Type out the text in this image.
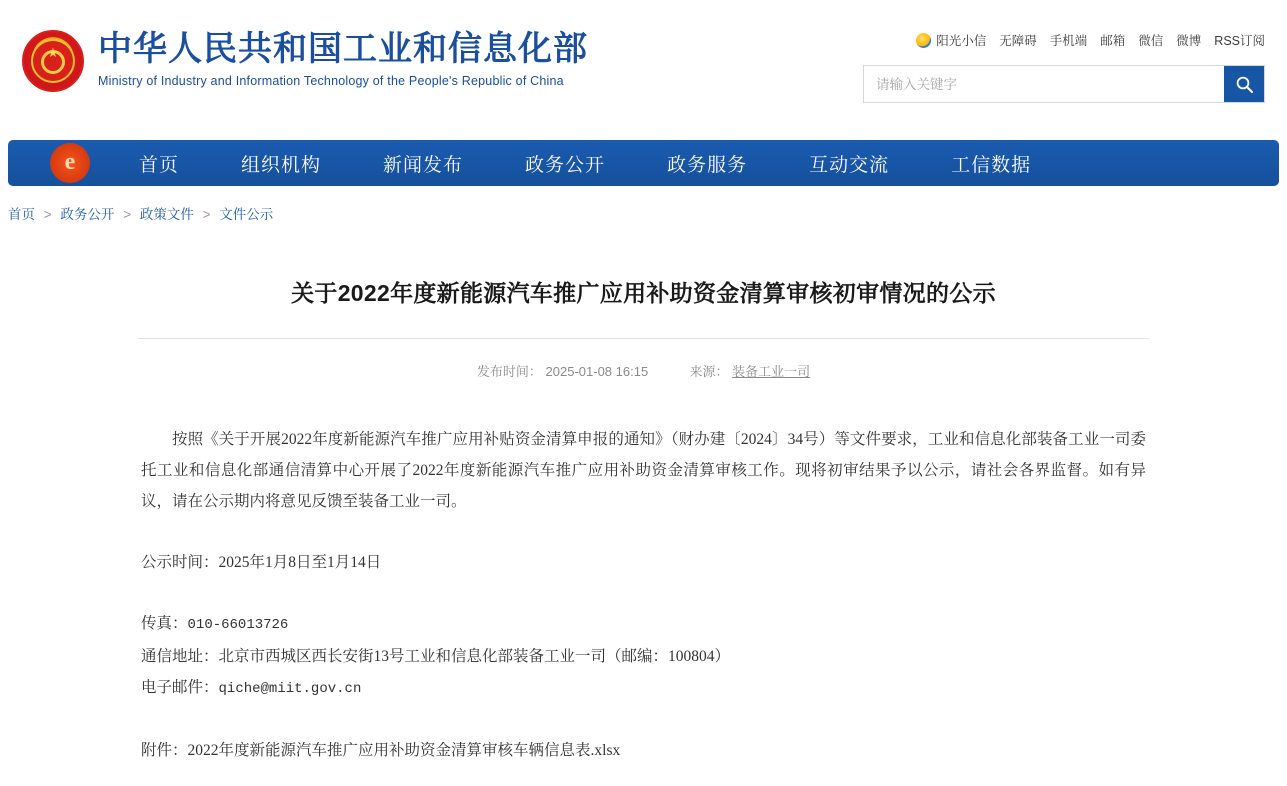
★ 中华人民共和国工业和信息化部
Ministry of Industry and Information Technology of the People's Republic of China
阳光小信 无障碍 手机端 邮箱 微信 微博 RSS订阅
请输入关键字
e
首页	组织机构	新闻发布	政务公开	政务服务	互动交流	工信数据
首页 > 政务公开 > 政策文件 > 文件公示
关于2022年度新能源汽车推广应用补助资金清算审核初审情况的公示
发布时间： 2025-01-08 16:15	来源： 装备工业一司

按照《关于开展2022年度新能源汽车推广应用补贴资金清算申报的通知》（财办建〔2024〕34号）等文件要求，工业和信息化部装备工业一司委托工业和信息化部通信清算中心开展了2022年度新能源汽车推广应用补助资金清算审核工作。现将初审结果予以公示，请社会各界监督。如有异议，请在公示期内将意见反馈至装备工业一司。

公示时间：2025年1月8日至1月14日

传真：010-66013726

通信地址：北京市西城区西长安街13号工业和信息化部装备工业一司（邮编：100804）

电子邮件：qiche@miit.gov.cn

附件：2022年度新能源汽车推广应用补助资金清算审核车辆信息表.xlsx
